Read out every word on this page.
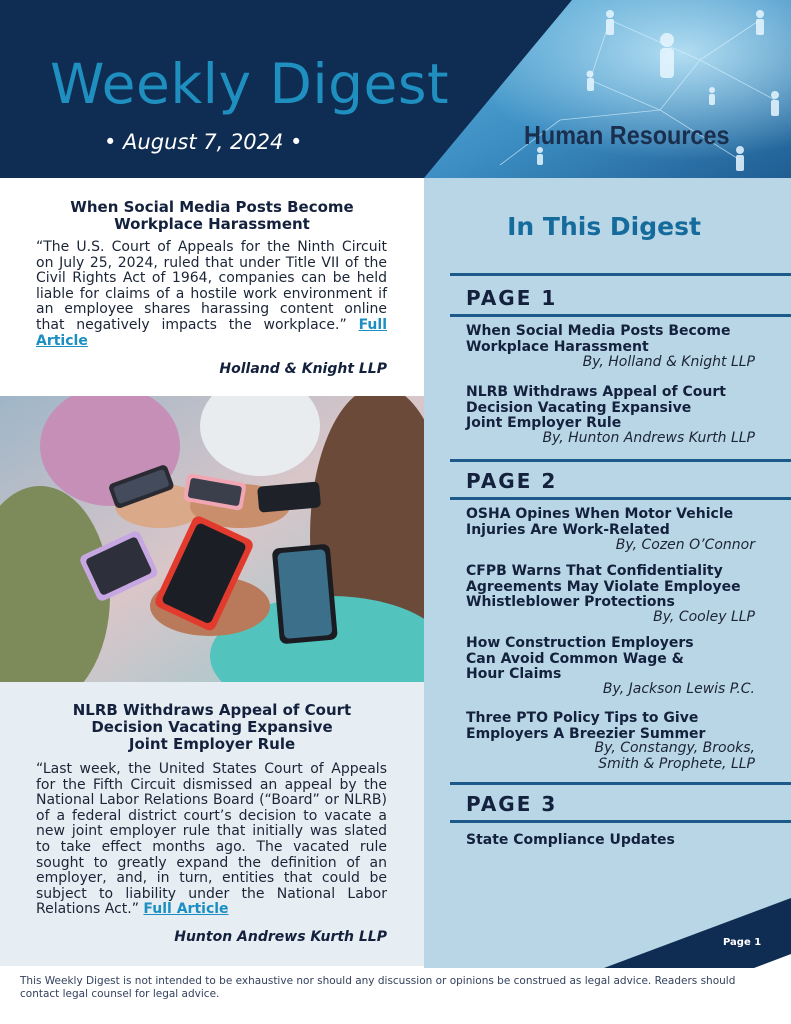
Weekly Digest
• August 7, 2024 •	Human Resources
When Social Media Posts Become Workplace Harassment
“The U.S. Court of Appeals for the Ninth Circuit on July 25, 2024, ruled that under Title VII of the Civil Rights Act of 1964, companies can be held liable for claims of a hostile work environment if an employee shares harassing content online that negatively impacts the workplace.” Full Article
Holland & Knight LLP
NLRB Withdraws Appeal of Court Decision Vacating Expansive Joint Employer Rule
“Last week, the United States Court of Appeals for the Fifth Circuit dismissed an appeal by the National Labor Relations Board (“Board” or NLRB) of a federal district court’s decision to vacate a new joint employer rule that initially was slated to take effect months ago. The vacated rule sought to greatly expand the definition of an employer, and, in turn, entities that could be subject to liability under the National Labor Relations Act.” Full Article
Hunton Andrews Kurth LLP
In This Digest
PAGE 1
When Social Media Posts Become Workplace Harassment
By, Holland & Knight LLP
NLRB Withdraws Appeal of Court Decision Vacating Expansive Joint Employer Rule
By, Hunton Andrews Kurth LLP
PAGE 2
OSHA Opines When Motor Vehicle Injuries Are Work-Related
By, Cozen O’Connor
CFPB Warns That Confidentiality Agreements May Violate Employee Whistleblower Protections
By, Cooley LLP
How Construction Employers Can Avoid Common Wage & Hour Claims
By, Jackson Lewis P.C.
Three PTO Policy Tips to Give Employers A Breezier Summer
By, Constangy, Brooks, Smith & Prophete, LLP
PAGE 3
State Compliance Updates
Page 1
This Weekly Digest is not intended to be exhaustive nor should any discussion or opinions be construed as legal advice. Readers should contact legal counsel for legal advice.
